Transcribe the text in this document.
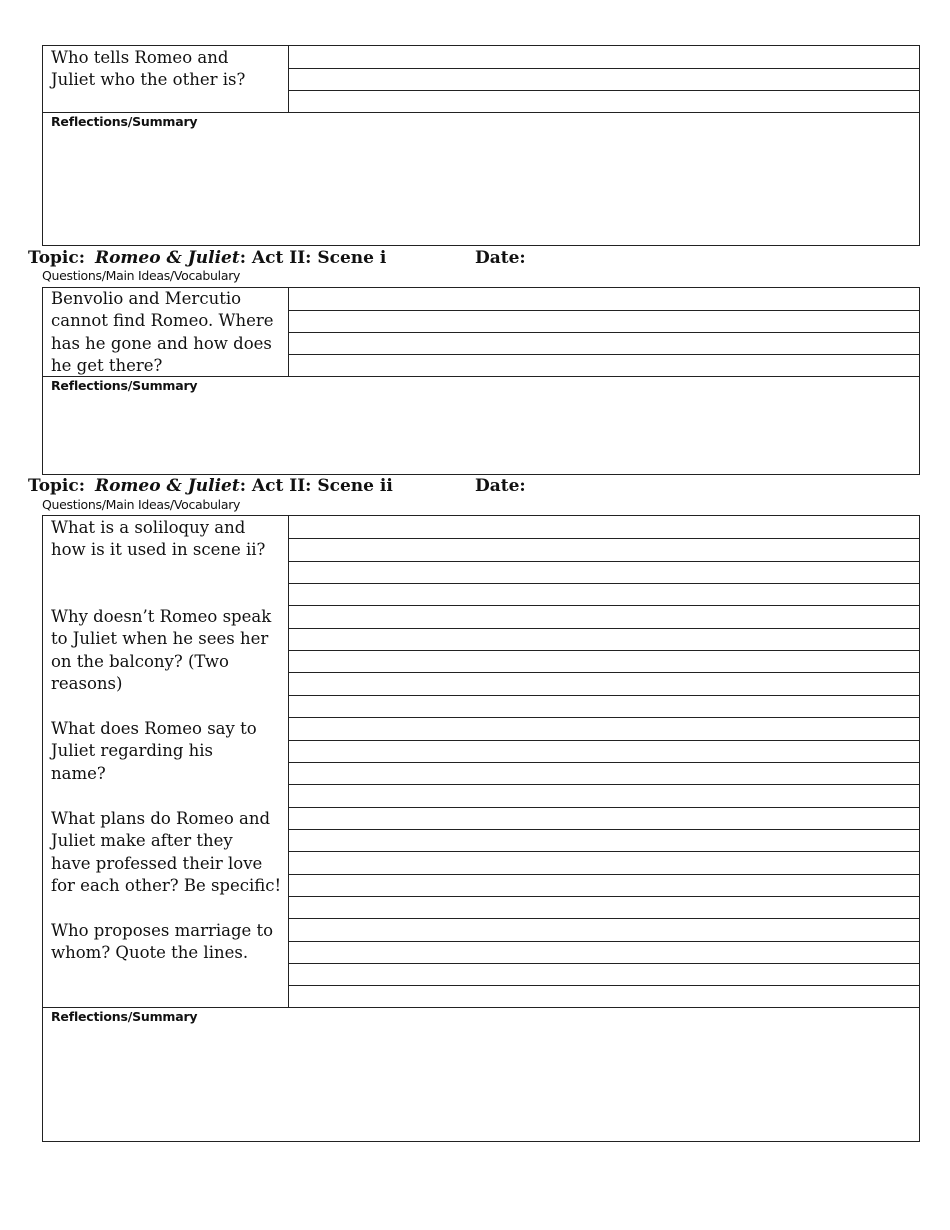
Who tells Romeo and
Juliet who the other is?
Reflections/Summary
Topic: Romeo & Juliet: Act II: Scene i	Date:
Questions/Main Ideas/Vocabulary
Benvolio and Mercutio
cannot find Romeo. Where
has he gone and how does
he get there?
Reflections/Summary
Topic: Romeo & Juliet: Act II: Scene ii	Date:
Questions/Main Ideas/Vocabulary
What is a soliloquy and
how is it used in scene ii?
Why doesn’t Romeo speak
to Juliet when he sees her
on the balcony? (Two
reasons)
What does Romeo say to
Juliet regarding his
name?
What plans do Romeo and
Juliet make after they
have professed their love
for each other? Be specific!
Who proposes marriage to
whom? Quote the lines.
Reflections/Summary
